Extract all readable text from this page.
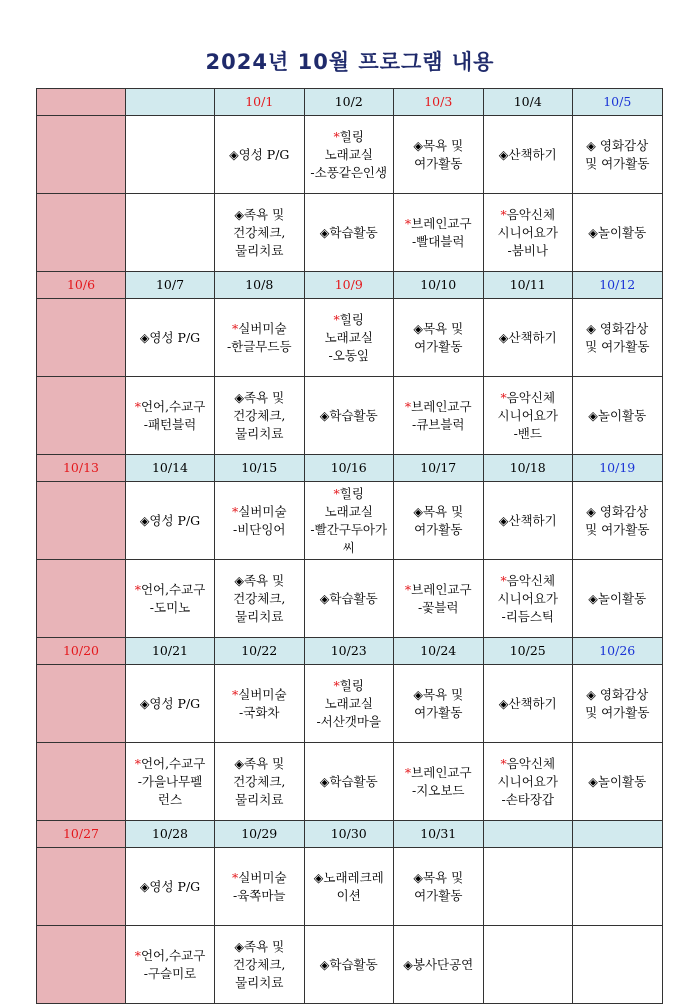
2024년 10월 프로그램 내용
		10/1	10/2	10/3	10/4	10/5
		◈영성 P/G	*힐링
노래교실
-소풍같은인생	◈목욕 및
여가활동	◈산책하기	◈ 영화감상
및 여가활동
		◈족욕 및
건강체크,
물리치료	◈학습활동	*브레인교구
-빨대블럭	*음악신체
시니어요가
-붐비나	◈놀이활동
10/6	10/7	10/8	10/9	10/10	10/11	10/12
	◈영성 P/G	*실버미술
-한글무드등	*힐링
노래교실
-오동잎	◈목욕 및
여가활동	◈산책하기	◈ 영화감상
및 여가활동
	*언어,수교구
-패턴블럭	◈족욕 및
건강체크,
물리치료	◈학습활동	*브레인교구
-큐브블럭	*음악신체
시니어요가
-밴드	◈놀이활동
10/13	10/14	10/15	10/16	10/17	10/18	10/19
	◈영성 P/G	*실버미술
-비단잉어	*힐링
노래교실
-빨간구두아가
씨	◈목욕 및
여가활동	◈산책하기	◈ 영화감상
및 여가활동
	*언어,수교구
-도미노	◈족욕 및
건강체크,
물리치료	◈학습활동	*브레인교구
-꽃블럭	*음악신체
시니어요가
-리듬스틱	◈놀이활동
10/20	10/21	10/22	10/23	10/24	10/25	10/26
	◈영성 P/G	*실버미술
-국화차	*힐링
노래교실
-서산갯마을	◈목욕 및
여가활동	◈산책하기	◈ 영화감상
및 여가활동
	*언어,수교구
-가을나무펠
런스	◈족욕 및
건강체크,
물리치료	◈학습활동	*브레인교구
-지오보드	*음악신체
시니어요가
-손타장갑	◈놀이활동
10/27	10/28	10/29	10/30	10/31		
	◈영성 P/G	*실버미술
-육쪽마늘	◈노래레크레
이션	◈목욕 및
여가활동		
	*언어,수교구
-구슬미로	◈족욕 및
건강체크,
물리치료	◈학습활동	◈봉사단공연		
